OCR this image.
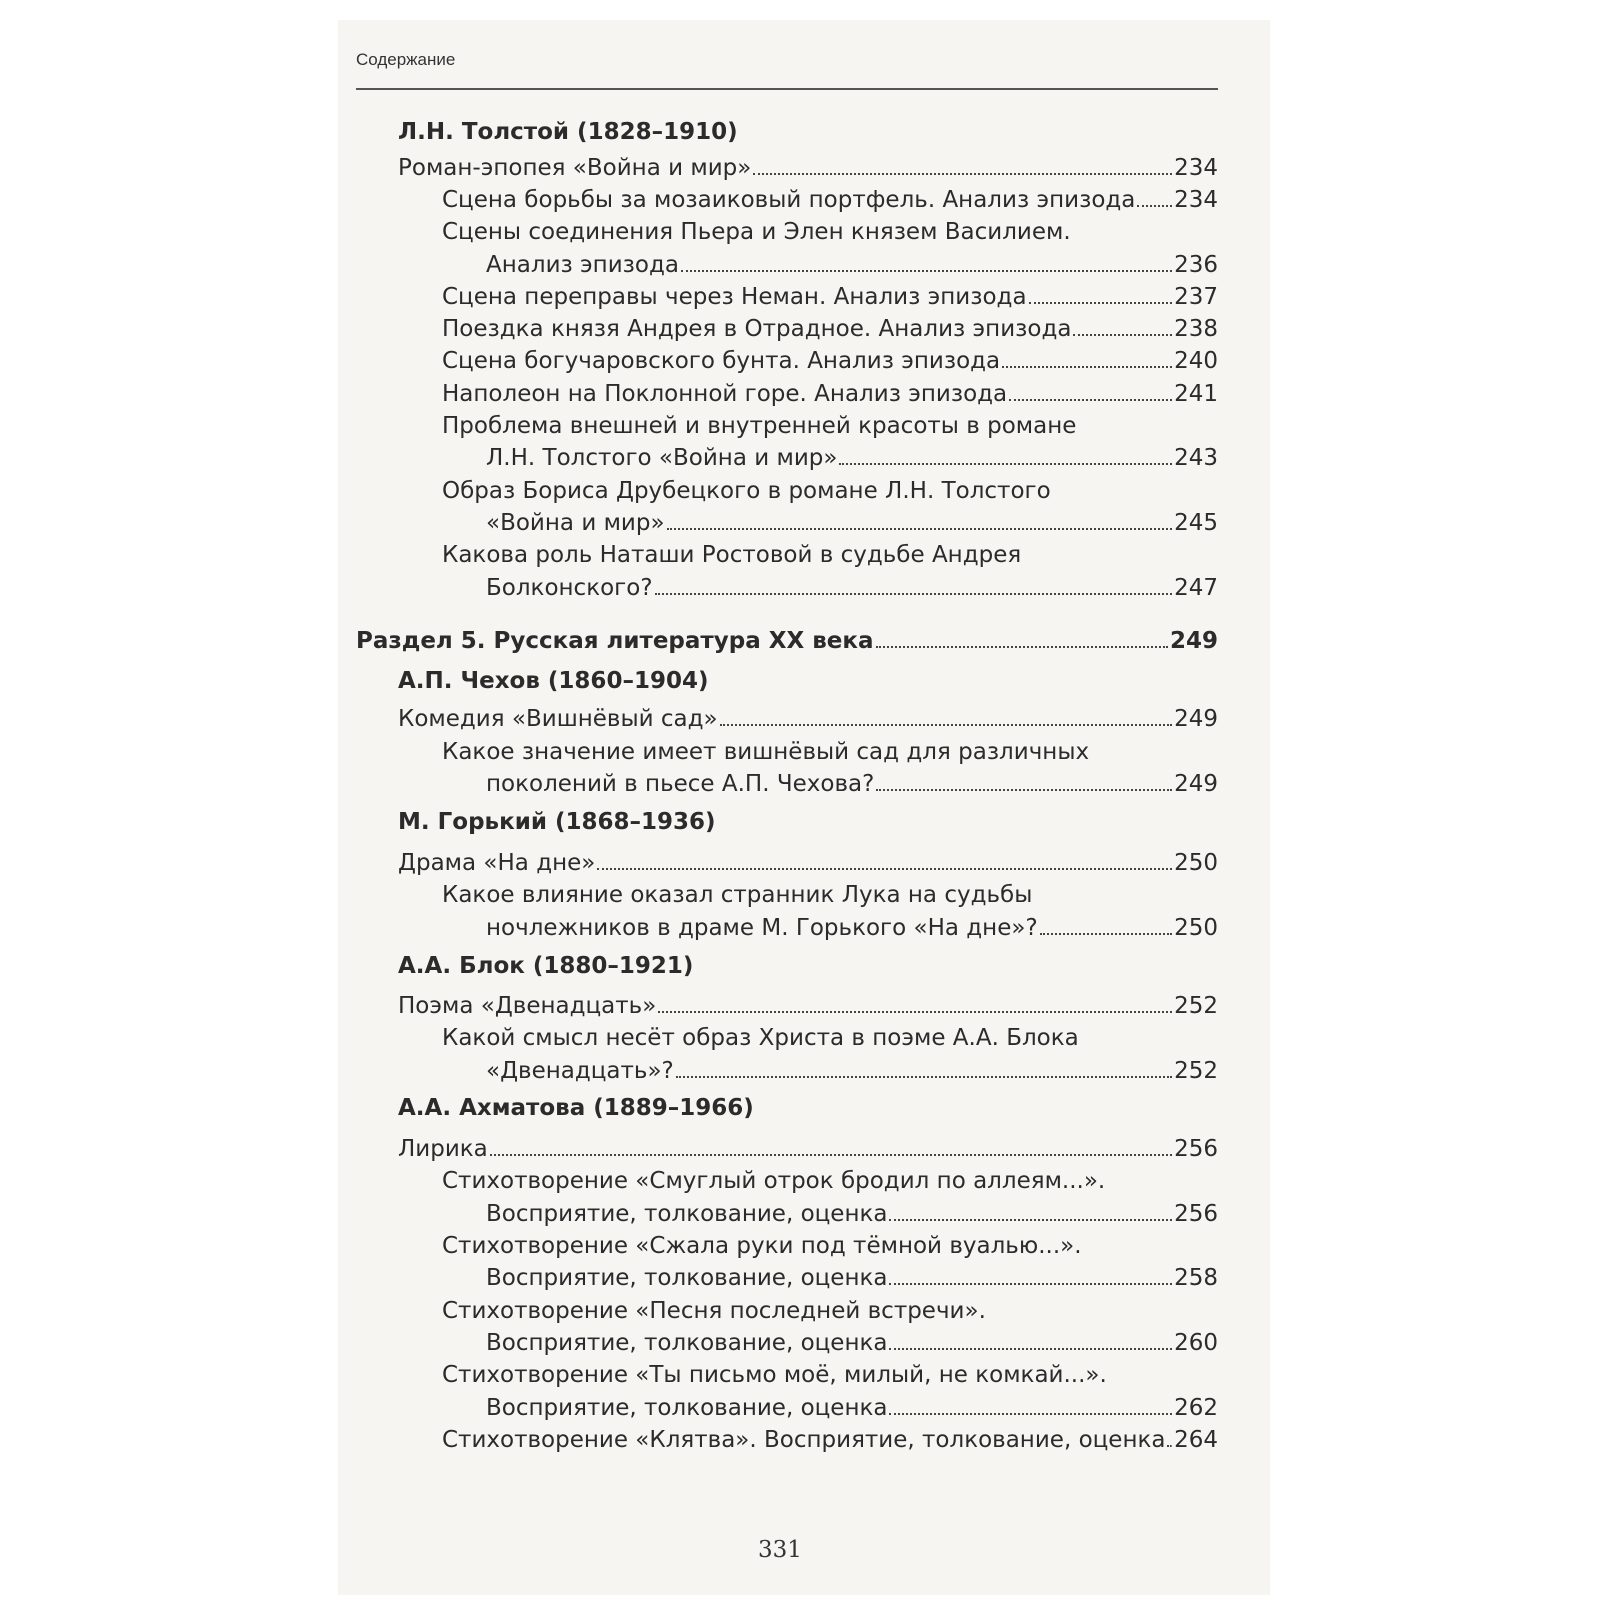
Содержание
Л.Н. Толстой (1828–1910)
Роман-эпопея «Война и мир»	234
Сцена борьбы за мозаиковый портфель. Анализ эпизода 234
Сцены соединения Пьера и Элен князем Василием.
Анализ эпизода	236
Сцена переправы через Неман. Анализ эпизода	237
Поездка князя Андрея в Отрадное. Анализ эпизода	238
Сцена богучаровского бунта. Анализ эпизода	240
Наполеон на Поклонной горе. Анализ эпизода	241
Проблема внешней и внутренней красоты в романе
Л.Н. Толстого «Война и мир»	243
Образ Бориса Друбецкого в романе Л.Н. Толстого
«Война и мир»	245
Какова роль Наташи Ростовой в судьбе Андрея
Болконского?	247
Раздел 5. Русская литература XX века	249
А.П. Чехов (1860–1904)
Комедия «Вишнёвый сад»	249
Какое значение имеет вишнёвый сад для различных
поколений в пьесе А.П. Чехова?	249
М. Горький (1868–1936)
Драма «На дне»	250
Какое влияние оказал странник Лука на судьбы
ночлежников в драме М. Горького «На дне»?	250
А.А. Блок (1880–1921)
Поэма «Двенадцать»	252
Какой смысл несёт образ Христа в поэме А.А. Блока
«Двенадцать»?	252
А.А. Ахматова (1889–1966)
Лирика	256
Стихотворение «Смуглый отрок бродил по аллеям...».
Восприятие, толкование, оценка	256
Стихотворение «Сжала руки под тёмной вуалью...».
Восприятие, толкование, оценка	258
Стихотворение «Песня последней встречи».
Восприятие, толкование, оценка	260
Стихотворение «Ты письмо моё, милый, не комкай...».
Восприятие, толкование, оценка	262
Стихотворение «Клятва». Восприятие, толкование, оценка 264
331
